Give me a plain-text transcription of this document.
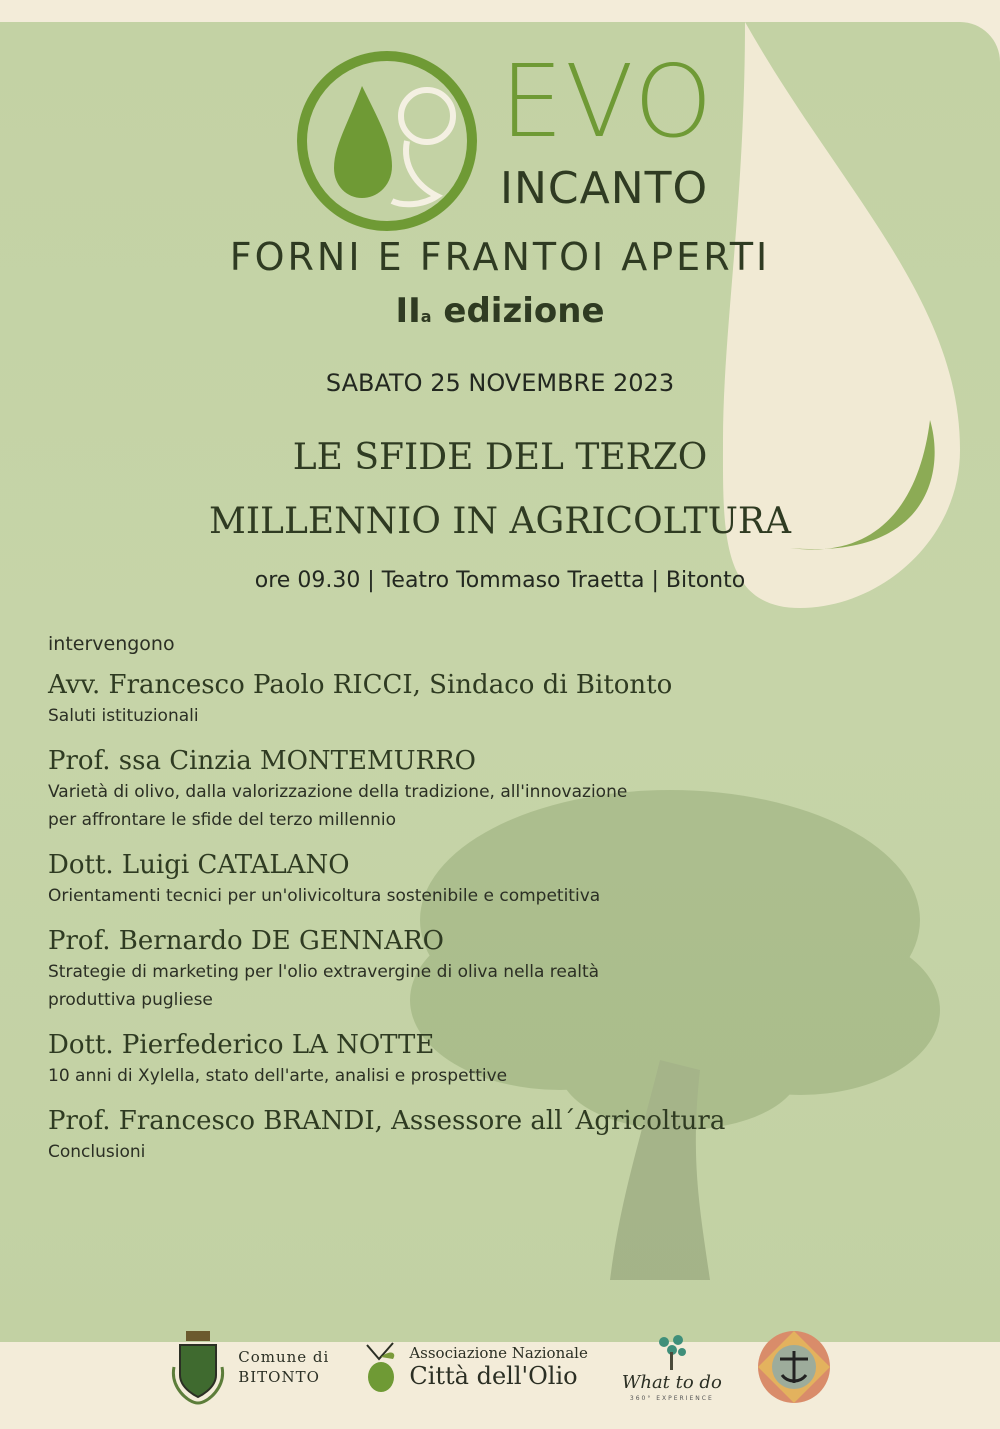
EVO
INCANTO
FORNI E FRANTOI APERTI
IIa edizione
SABATO 25 NOVEMBRE 2023
LE SFIDE DEL TERZO
MILLENNIO IN AGRICOLTURA
ore 09.30 | Teatro Tommaso Traetta | Bitonto
intervengono
Avv. Francesco Paolo RICCI, Sindaco di Bitonto
Saluti istituzionali
Prof. ssa Cinzia MONTEMURRO
Varietà di olivo, dalla valorizzazione della tradizione, all'innovazione
per affrontare le sfide del terzo millennio
Dott. Luigi CATALANO
Orientamenti tecnici per un'olivicoltura sostenibile e competitiva
Prof. Bernardo DE GENNARO
Strategie di marketing per l'olio extravergine di oliva nella realtà
produttiva pugliese
Dott. Pierfederico LA NOTTE
10 anni di Xylella, stato dell'arte, analisi e prospettive
Prof. Francesco BRANDI, Assessore all´Agricoltura
Conclusioni
Comune di
BITONTO
Associazione Nazionale
Città dell'Olio	What to do
360° EXPERIENCE
